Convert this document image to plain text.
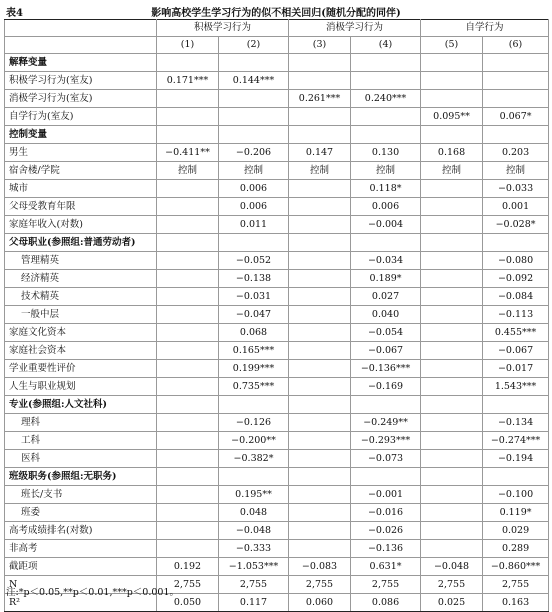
表4	影响高校学生学习行为的似不相关回归(随机分配的同伴)
	积极学习行为		消极学习行为		自学行为	
	(1)	(2)	(3)	(4)	(5)	(6)
解释变量						
积极学习行为(室友)	0.171***	0.144***				
消极学习行为(室友)			0.261***	0.240***		
自学行为(室友)					0.095**	0.067*
控制变量						
男生	−0.411**	−0.206	0.147	0.130	0.168	0.203
宿舍楼/学院	控制	控制	控制	控制	控制	控制
城市		0.006		0.118*		−0.033
父母受教育年限		0.006		0.006		0.001
家庭年收入(对数)		0.011		−0.004		−0.028*
父母职业(参照组:普通劳动者)						
管理精英		−0.052		−0.034		−0.080
经济精英		−0.138		0.189*		−0.092
技术精英		−0.031		0.027		−0.084
一般中层		−0.047		0.040		−0.113
家庭文化资本		0.068		−0.054		0.455***
家庭社会资本		0.165***		−0.067		−0.067
学业重要性评价		0.199***		−0.136***		−0.017
人生与职业规划		0.735***		−0.169		1.543***
专业(参照组:人文社科)						
理科		−0.126		−0.249**		−0.134
工科		−0.200**		−0.293***		−0.274***
医科		−0.382*		−0.073		−0.194
班级职务(参照组:无职务)						
班长/支书		0.195**		−0.001		−0.100
班委		0.048		−0.016		0.119*
高考成绩排名(对数)		−0.048		−0.026		0.029
非高考		−0.333		−0.136		0.289
截距项	0.192	−1.053***	−0.083	0.631*	−0.048	−0.860***
N	2,755	2,755	2,755	2,755	2,755	2,755
R²	0.050	0.117	0.060	0.086	0.025	0.163
注:*p＜0.05,**p＜0.01,***p＜0.001。
